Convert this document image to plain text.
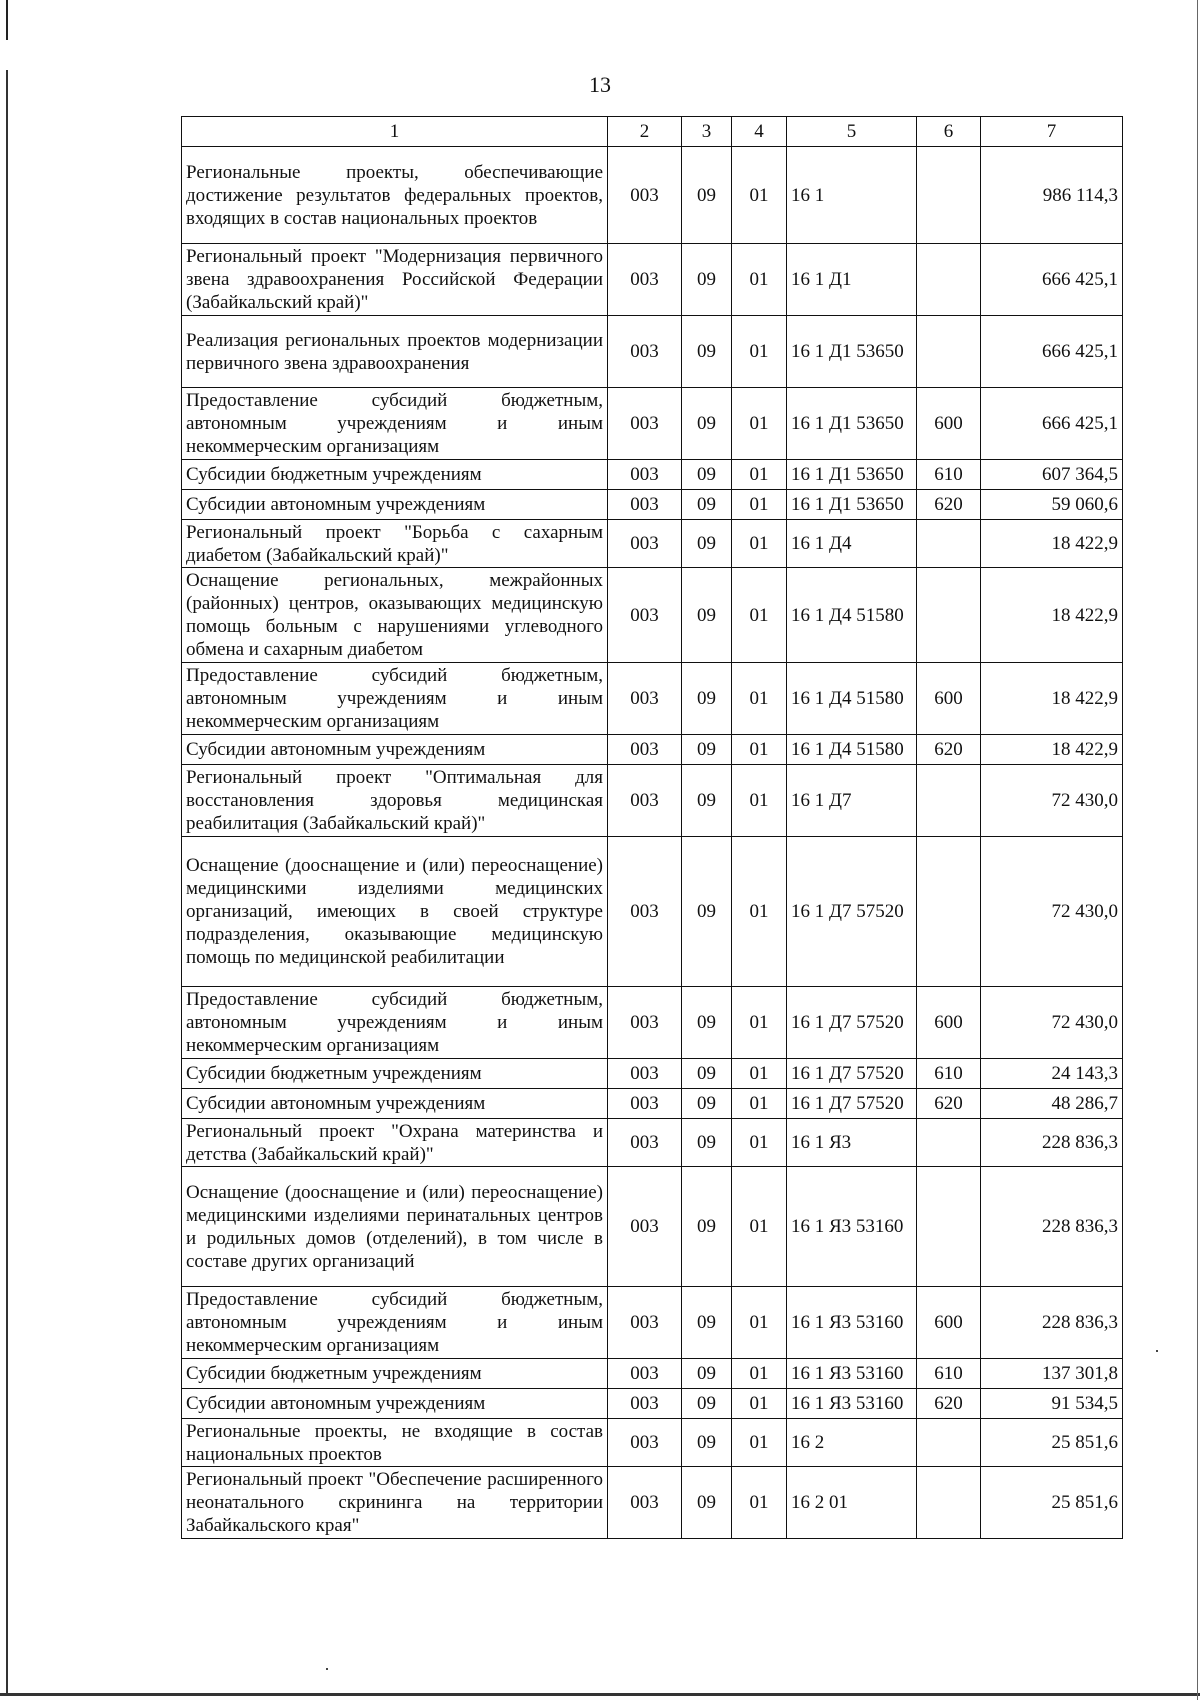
13
1	2	3	4	5	6	7
Региональные проекты, обеспечивающие достижение результатов федеральных проектов, входящих в состав национальных проектов	003	09	01	16 1		986 114,3
Региональный проект "Модернизация первичного звена здравоохранения Российской Федерации (Забайкальский край)"	003	09	01	16 1 Д1		666 425,1
Реализация региональных проектов модернизации первичного звена здравоохранения	003	09	01	16 1 Д1 53650		666 425,1
Предоставление субсидий бюджетным, автономным учреждениям и иным некоммерческим организациям	003	09	01	16 1 Д1 53650	600	666 425,1
Субсидии бюджетным учреждениям	003	09	01	16 1 Д1 53650	610	607 364,5
Субсидии автономным учреждениям	003	09	01	16 1 Д1 53650	620	59 060,6
Региональный проект "Борьба с сахарным диабетом (Забайкальский край)"	003	09	01	16 1 Д4		18 422,9
Оснащение региональных, межрайонных (районных) центров, оказывающих медицинскую помощь больным с нарушениями углеводного обмена и сахарным диабетом	003	09	01	16 1 Д4 51580		18 422,9
Предоставление субсидий бюджетным, автономным учреждениям и иным некоммерческим организациям	003	09	01	16 1 Д4 51580	600	18 422,9
Субсидии автономным учреждениям	003	09	01	16 1 Д4 51580	620	18 422,9
Региональный проект "Оптимальная для восстановления здоровья медицинская реабилитация (Забайкальский край)"	003	09	01	16 1 Д7		72 430,0
Оснащение (дооснащение и (или) переоснащение) медицинскими изделиями медицинских организаций, имеющих в своей структуре подразделения, оказывающие медицинскую помощь по медицинской реабилитации	003	09	01	16 1 Д7 57520		72 430,0
Предоставление субсидий бюджетным, автономным учреждениям и иным некоммерческим организациям	003	09	01	16 1 Д7 57520	600	72 430,0
Субсидии бюджетным учреждениям	003	09	01	16 1 Д7 57520	610	24 143,3
Субсидии автономным учреждениям	003	09	01	16 1 Д7 57520	620	48 286,7
Региональный проект "Охрана материнства и детства (Забайкальский край)"	003	09	01	16 1 Я3		228 836,3
Оснащение (дооснащение и (или) переоснащение) медицинскими изделиями перинатальных центров и родильных домов (отделений), в том числе в составе других организаций	003	09	01	16 1 Я3 53160		228 836,3
Предоставление субсидий бюджетным, автономным учреждениям и иным некоммерческим организациям	003	09	01	16 1 Я3 53160	600	228 836,3
Субсидии бюджетным учреждениям	003	09	01	16 1 Я3 53160	610	137 301,8
Субсидии автономным учреждениям	003	09	01	16 1 Я3 53160	620	91 534,5
Региональные проекты, не входящие в состав национальных проектов	003	09	01	16 2		25 851,6
Региональный проект "Обеспечение расширенного неонатального скрининга на территории Забайкальского края"	003	09	01	16 2 01		25 851,6
